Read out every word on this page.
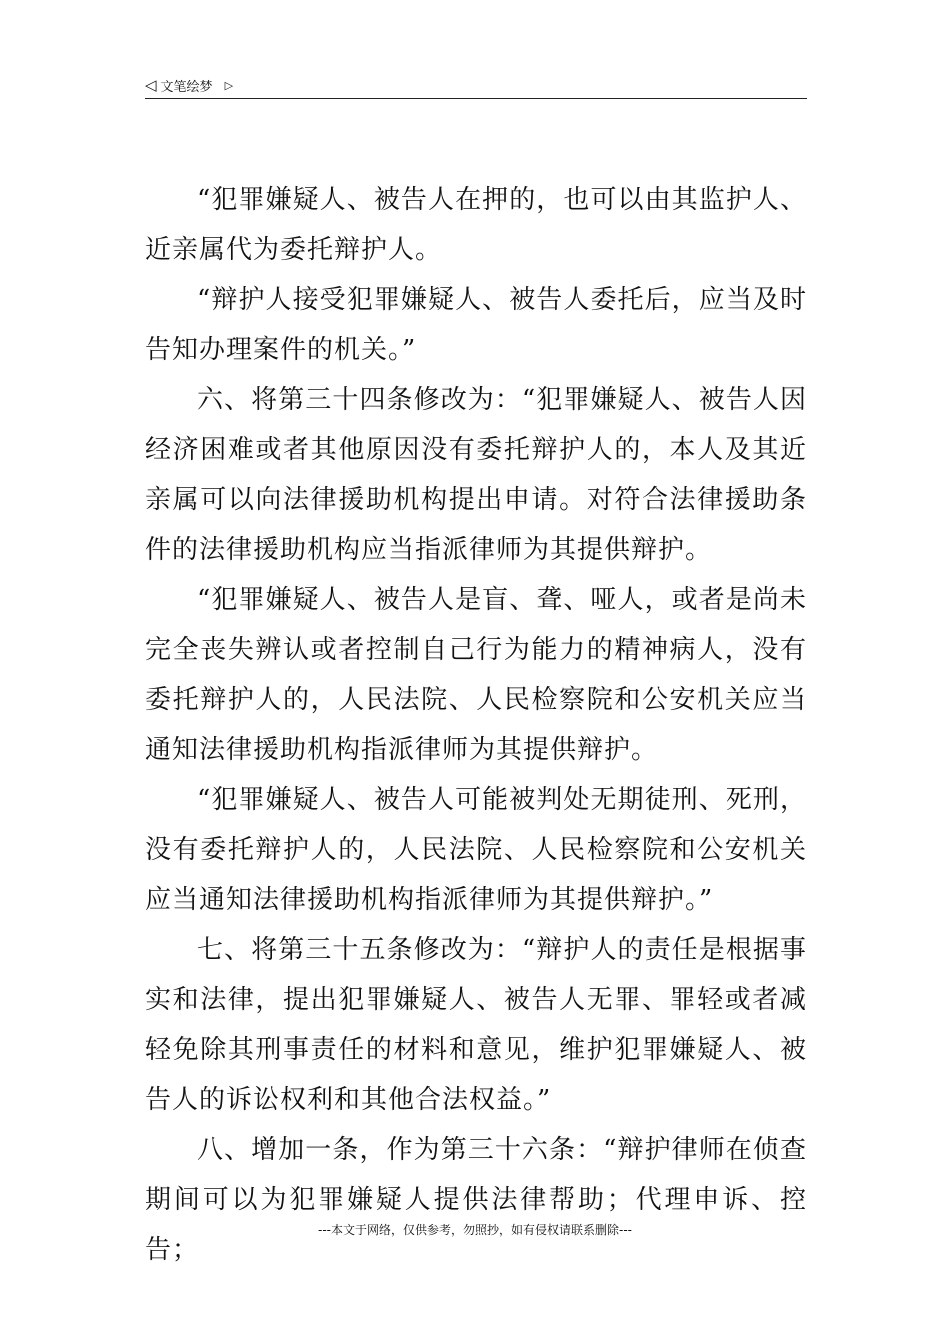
◁ 文笔绘梦 ▷

“犯罪嫌疑人、被告人在押的，也可以由其监护人、近亲属代为委托辩护人。

“辩护人接受犯罪嫌疑人、被告人委托后，应当及时告知办理案件的机关。”

六、将第三十四条修改为：“犯罪嫌疑人、被告人因经济困难或者其他原因没有委托辩护人的，本人及其近亲属可以向法律援助机构提出申请。对符合法律援助条件的法律援助机构应当指派律师为其提供辩护。

“犯罪嫌疑人、被告人是盲、聋、哑人，或者是尚未完全丧失辨认或者控制自己行为能力的精神病人，没有委托辩护人的，人民法院、人民检察院和公安机关应当通知法律援助机构指派律师为其提供辩护。

“犯罪嫌疑人、被告人可能被判处无期徒刑、死刑，没有委托辩护人的，人民法院、人民检察院和公安机关应当通知法律援助机构指派律师为其提供辩护。”

七、将第三十五条修改为：“辩护人的责任是根据事实和法律，提出犯罪嫌疑人、被告人无罪、罪轻或者减轻免除其刑事责任的材料和意见，维护犯罪嫌疑人、被告人的诉讼权利和其他合法权益。”

八、增加一条，作为第三十六条：“辩护律师在侦查期间可以为犯罪嫌疑人提供法律帮助；代理申诉、控告；

---本文于网络，仅供参考，勿照抄，如有侵权请联系删除---
